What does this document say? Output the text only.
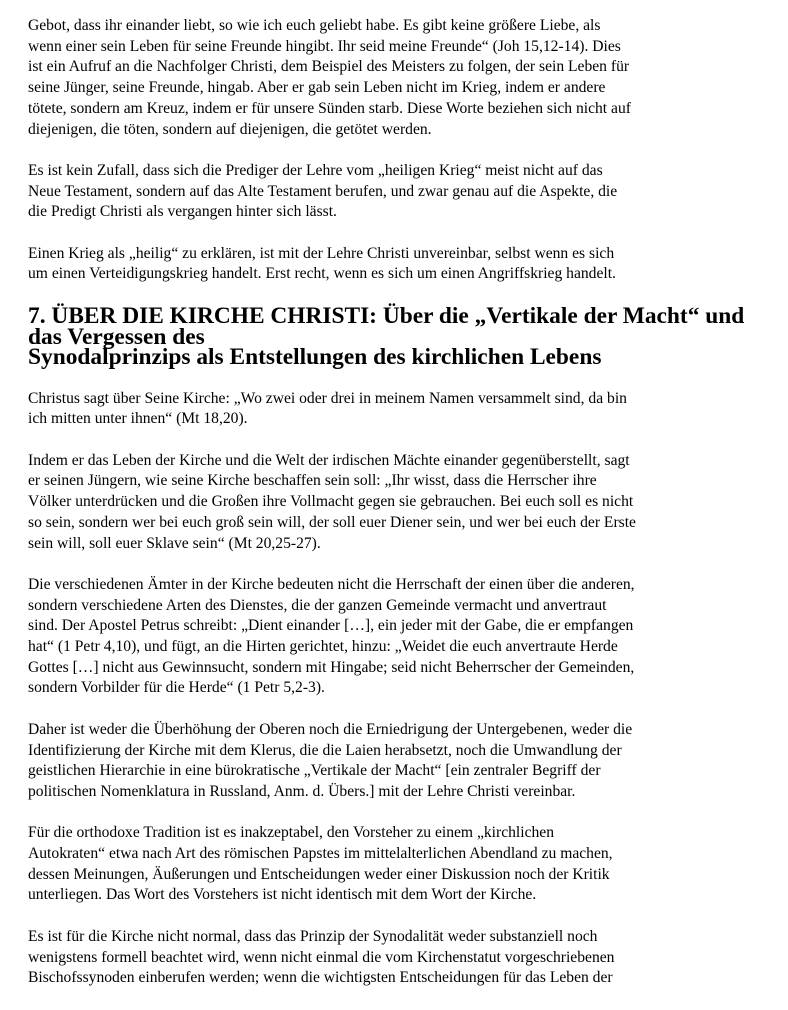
Gebot, dass ihr einander liebt, so wie ich euch geliebt habe. Es gibt keine größere Liebe, als
wenn einer sein Leben für seine Freunde hingibt. Ihr seid meine Freunde“ (Joh 15,12-14). Dies
ist ein Aufruf an die Nachfolger Christi, dem Beispiel des Meisters zu folgen, der sein Leben für
seine Jünger, seine Freunde, hingab. Aber er gab sein Leben nicht im Krieg, indem er andere
tötete, sondern am Kreuz, indem er für unsere Sünden starb. Diese Worte beziehen sich nicht auf
diejenigen, die töten, sondern auf diejenigen, die getötet werden.

Es ist kein Zufall, dass sich die Prediger der Lehre vom „heiligen Krieg“ meist nicht auf das
Neue Testament, sondern auf das Alte Testament berufen, und zwar genau auf die Aspekte, die
die Predigt Christi als vergangen hinter sich lässt.

Einen Krieg als „heilig“ zu erklären, ist mit der Lehre Christi unvereinbar, selbst wenn es sich
um einen Verteidigungskrieg handelt. Erst recht, wenn es sich um einen Angriffskrieg handelt.

7. ÜBER DIE KIRCHE CHRISTI: Über die „Vertikale der Macht“ und das Vergessen des
Synodalprinzips als Entstellungen des kirchlichen Lebens

Christus sagt über Seine Kirche: „Wo zwei oder drei in meinem Namen versammelt sind, da bin
ich mitten unter ihnen“ (Mt 18,20).

Indem er das Leben der Kirche und die Welt der irdischen Mächte einander gegenüberstellt, sagt
er seinen Jüngern, wie seine Kirche beschaffen sein soll: „Ihr wisst, dass die Herrscher ihre
Völker unterdrücken und die Großen ihre Vollmacht gegen sie gebrauchen. Bei euch soll es nicht
so sein, sondern wer bei euch groß sein will, der soll euer Diener sein, und wer bei euch der Erste
sein will, soll euer Sklave sein“ (Mt 20,25-27).

Die verschiedenen Ämter in der Kirche bedeuten nicht die Herrschaft der einen über die anderen,
sondern verschiedene Arten des Dienstes, die der ganzen Gemeinde vermacht und anvertraut
sind. Der Apostel Petrus schreibt: „Dient einander […], ein jeder mit der Gabe, die er empfangen
hat“ (1 Petr 4,10), und fügt, an die Hirten gerichtet, hinzu: „Weidet die euch anvertraute Herde
Gottes […] nicht aus Gewinnsucht, sondern mit Hingabe; seid nicht Beherrscher der Gemeinden,
sondern Vorbilder für die Herde“ (1 Petr 5,2-3).

Daher ist weder die Überhöhung der Oberen noch die Erniedrigung der Untergebenen, weder die
Identifizierung der Kirche mit dem Klerus, die die Laien herabsetzt, noch die Umwandlung der
geistlichen Hierarchie in eine bürokratische „Vertikale der Macht“ [ein zentraler Begriff der
politischen Nomenklatura in Russland, Anm. d. Übers.] mit der Lehre Christi vereinbar.

Für die orthodoxe Tradition ist es inakzeptabel, den Vorsteher zu einem „kirchlichen
Autokraten“ etwa nach Art des römischen Papstes im mittelalterlichen Abendland zu machen,
dessen Meinungen, Äußerungen und Entscheidungen weder einer Diskussion noch der Kritik
unterliegen. Das Wort des Vorstehers ist nicht identisch mit dem Wort der Kirche.

Es ist für die Kirche nicht normal, dass das Prinzip der Synodalität weder substanziell noch
wenigstens formell beachtet wird, wenn nicht einmal die vom Kirchenstatut vorgeschriebenen
Bischofssynoden einberufen werden; wenn die wichtigsten Entscheidungen für das Leben der
